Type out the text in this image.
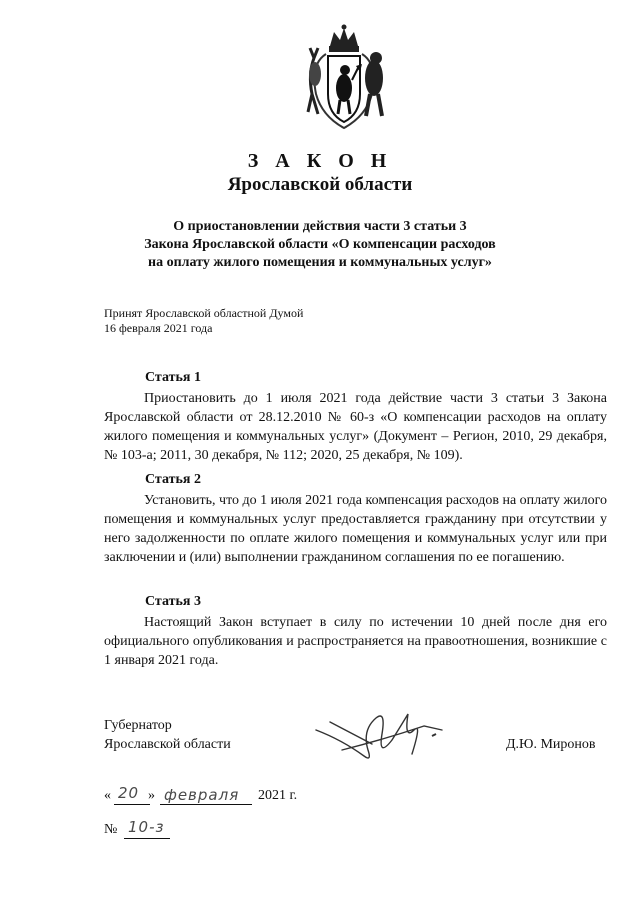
З А К О Н
Ярославской области
О приостановлении действия части 3 статьи 3
Закона Ярославской области «О компенсации расходов
на оплату жилого помещения и коммунальных услуг»
Принят Ярославской областной Думой
16 февраля 2021 года
Статья 1
Приостановить до 1 июля 2021 года действие части 3 статьи 3 Закона Ярославской области от 28.12.2010 № 60-з «О компенсации расходов на оплату жилого помещения и коммунальных услуг» (Документ – Регион, 2010, 29 декабря, № 103-а; 2011, 30 декабря, № 112; 2020, 25 декабря, № 109).
Статья 2
Установить, что до 1 июля 2021 года компенсация расходов на оплату жилого помещения и коммунальных услуг предоставляется гражданину при отсутствии у него задолженности по оплате жилого помещения и коммунальных услуг или при заключении и (или) выполнении гражданином соглашения по ее погашению.
Статья 3
Настоящий Закон вступает в силу по истечении 10 дней после дня его официального опубликования и распространяется на правоотношения, возникшие с 1 января 2021 года.
Губернатор
Ярославской области	Д.Ю. Миронов
« 20 » февраля 2021 г.
№ 10-з
